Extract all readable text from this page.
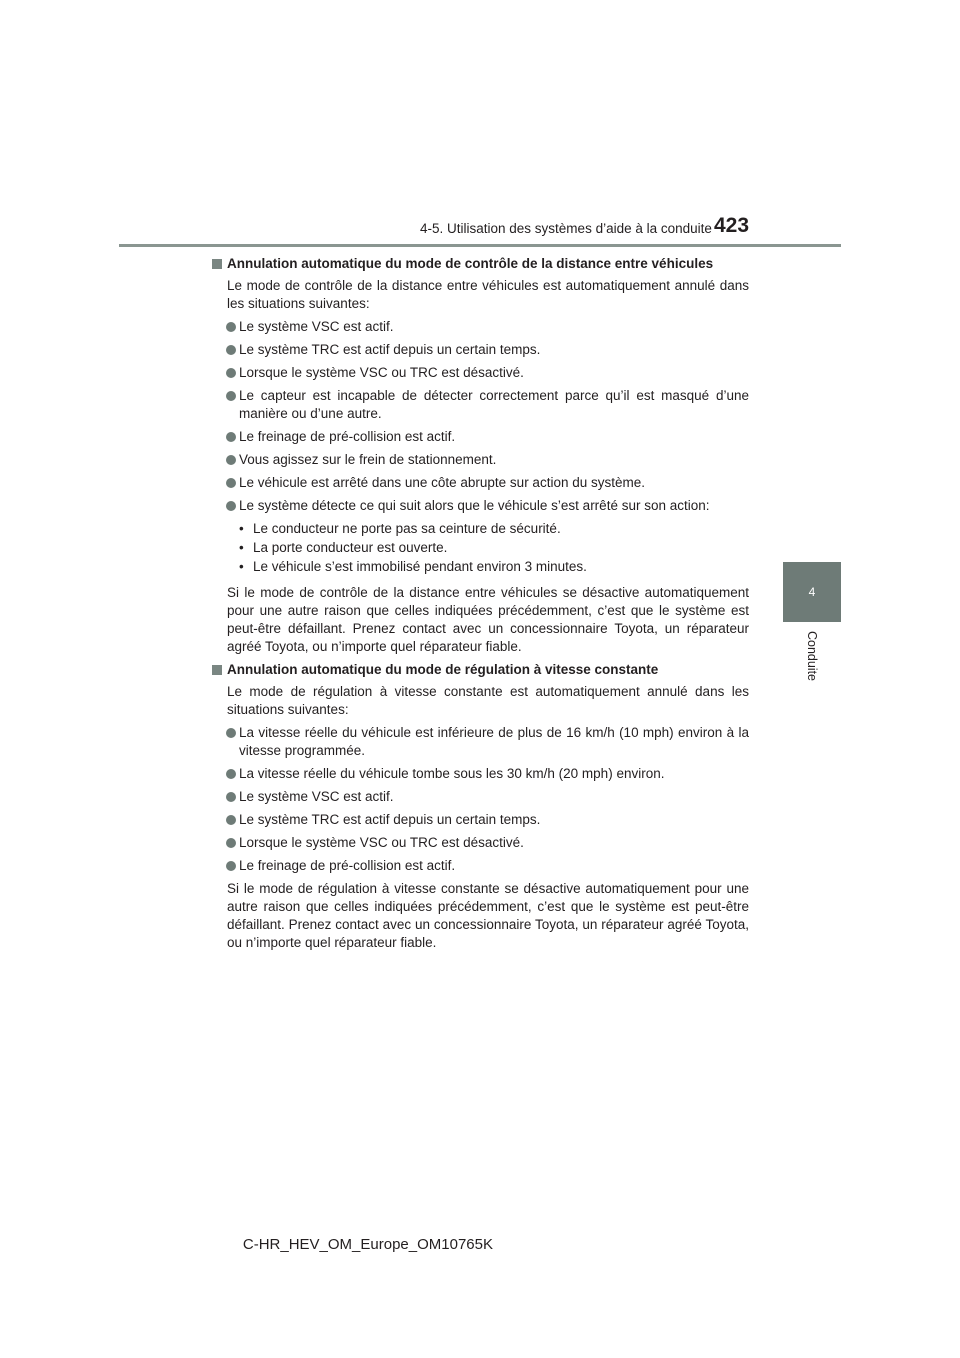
4-5. Utilisation des systèmes d’aide à la conduite 423
4
Conduite

Annulation automatique du mode de contrôle de la distance entre véhicules

Le mode de contrôle de la distance entre véhicules est automatiquement annulé dans les situations suivantes:

Le système VSC est actif.

Le système TRC est actif depuis un certain temps.

Lorsque le système VSC ou TRC est désactivé.

Le capteur est incapable de détecter correctement parce qu’il est masqué d’une manière ou d’une autre.

Le freinage de pré-collision est actif.

Vous agissez sur le frein de stationnement.

Le véhicule est arrêté dans une côte abrupte sur action du système.

Le système détecte ce qui suit alors que le véhicule s’est arrêté sur son action:

• Le conducteur ne porte pas sa ceinture de sécurité.
• La porte conducteur est ouverte.
• Le véhicule s’est immobilisé pendant environ 3 minutes.

Si le mode de contrôle de la distance entre véhicules se désactive automatiquement pour une autre raison que celles indiquées précédemment, c’est que le système est peut-être défaillant. Prenez contact avec un concessionnaire Toyota, un réparateur agréé Toyota, ou n’importe quel réparateur fiable.

Annulation automatique du mode de régulation à vitesse constante

Le mode de régulation à vitesse constante est automatiquement annulé dans les situations suivantes:

La vitesse réelle du véhicule est inférieure de plus de 16 km/h (10 mph) environ à la vitesse programmée.

La vitesse réelle du véhicule tombe sous les 30 km/h (20 mph) environ.

Le système VSC est actif.

Le système TRC est actif depuis un certain temps.

Lorsque le système VSC ou TRC est désactivé.

Le freinage de pré-collision est actif.

Si le mode de régulation à vitesse constante se désactive automatiquement pour une autre raison que celles indiquées précédemment, c’est que le système est peut-être défaillant. Prenez contact avec un concessionnaire Toyota, un réparateur agréé Toyota, ou n’importe quel réparateur fiable.

C-HR_HEV_OM_Europe_OM10765K
